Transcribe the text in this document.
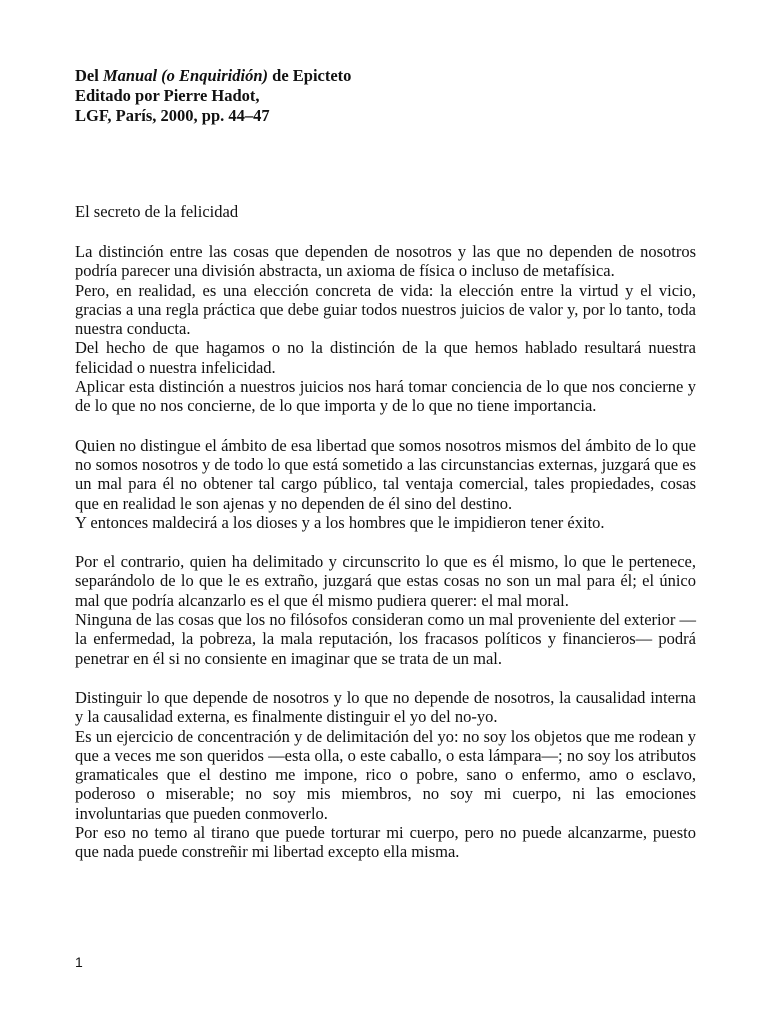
Del Manual (o Enquiridión) de Epicteto
Editado por Pierre Hadot,
LGF, París, 2000, pp. 44–47
El secreto de la felicidad

La distinción entre las cosas que dependen de nosotros y las que no dependen de nosotros podría parecer una división abstracta, un axioma de física o incluso de metafísica.

Pero, en realidad, es una elección concreta de vida: la elección entre la virtud y el vicio, gracias a una regla práctica que debe guiar todos nuestros juicios de valor y, por lo tanto, toda nuestra conducta.

Del hecho de que hagamos o no la distinción de la que hemos hablado resultará nuestra felicidad o nuestra infelicidad.

Aplicar esta distinción a nuestros juicios nos hará tomar conciencia de lo que nos concierne y de lo que no nos concierne, de lo que importa y de lo que no tiene importancia.

Quien no distingue el ámbito de esa libertad que somos nosotros mismos del ámbito de lo que no somos nosotros y de todo lo que está sometido a las circunstancias externas, juzgará que es un mal para él no obtener tal cargo público, tal ventaja comercial, tales propiedades, cosas que en realidad le son ajenas y no dependen de él sino del destino.

Y entonces maldecirá a los dioses y a los hombres que le impidieron tener éxito.

Por el contrario, quien ha delimitado y circunscrito lo que es él mismo, lo que le pertenece, separándolo de lo que le es extraño, juzgará que estas cosas no son un mal para él; el único mal que podría alcanzarlo es el que él mismo pudiera querer: el mal moral.

Ninguna de las cosas que los no filósofos consideran como un mal proveniente del exterior —la enfermedad, la pobreza, la mala reputación, los fracasos políticos y financieros— podrá penetrar en él si no consiente en imaginar que se trata de un mal.

Distinguir lo que depende de nosotros y lo que no depende de nosotros, la causalidad interna y la causalidad externa, es finalmente distinguir el yo del no-yo.

Es un ejercicio de concentración y de delimitación del yo: no soy los objetos que me rodean y que a veces me son queridos —esta olla, o este caballo, o esta lámpara—; no soy los atributos gramaticales que el destino me impone, rico o pobre, sano o enfermo, amo o esclavo, poderoso o miserable; no soy mis miembros, no soy mi cuerpo, ni las emociones involuntarias que pueden conmoverlo.

Por eso no temo al tirano que puede torturar mi cuerpo, pero no puede alcanzarme, puesto que nada puede constreñir mi libertad excepto ella misma.

1
